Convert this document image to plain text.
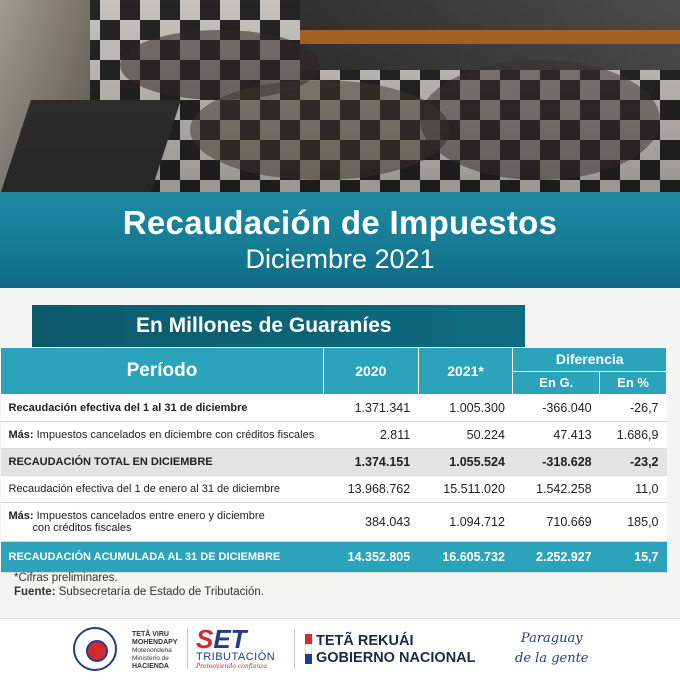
Recaudación de Impuestos
Diciembre 2021
En Millones de Guaraníes
Período	2020	2021*	Diferencia	
			En G.	En %
Recaudación efectiva del 1 al 31 de diciembre	1.371.341	1.005.300	-366.040	-26,7
Más: Impuestos cancelados en diciembre con créditos fiscales	2.811	50.224	47.413	1.686,9
RECAUDACIÓN TOTAL EN DICIEMBRE	1.374.151	1.055.524	-318.628	-23,2
Recaudación efectiva del 1 de enero al 31 de diciembre	13.968.762	15.511.020	1.542.258	11,0
Más: Impuestos cancelados entre enero y diciembre
con créditos fiscales	384.043	1.094.712	710.669	185,0
RECAUDACIÓN ACUMULADA AL 31 DE DICIEMBRE	14.352.805	16.605.732	2.252.927	15,7
*Cifras preliminares.
Fuente: Subsecretaría de Estado de Tributación.
TETÃ VIRU
MOHENDAPY
Motenondeha
Ministerio de
HACIENDA
SET
TRIBUTACIÓN
Promoviendo confianza
TETÃ REKUÁI
GOBIERNO NACIONAL
Paraguay
de la gente
